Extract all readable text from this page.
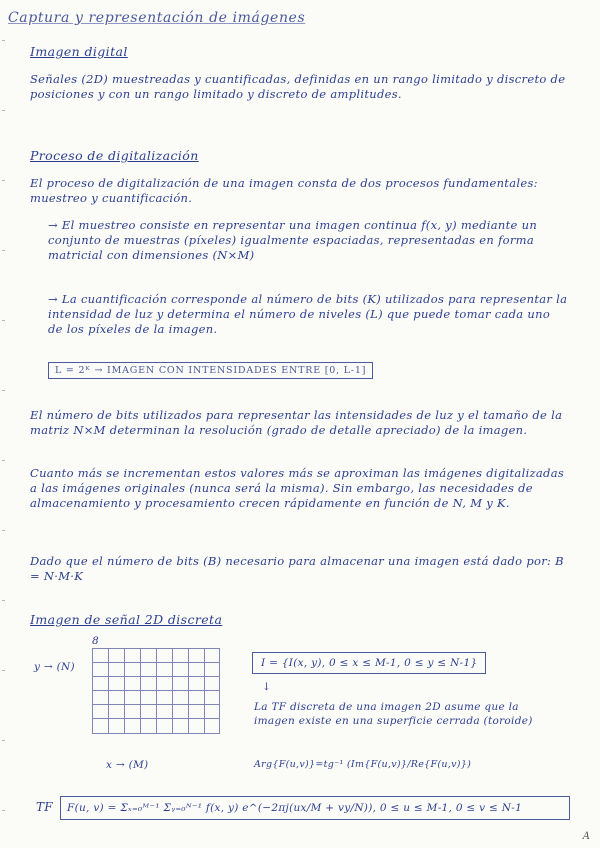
Captura y representación de imágenes
Imagen digital
Señales (2D) muestreadas y cuantificadas, definidas en un rango limitado y discreto de posiciones y con un rango limitado y discreto de amplitudes.
Proceso de digitalización
El proceso de digitalización de una imagen consta de dos procesos fundamentales: muestreo y cuantificación.
→ El muestreo consiste en representar una imagen continua f(x, y) mediante un conjunto de muestras (píxeles) igualmente espaciadas, representadas en forma matricial con dimensiones (N×M)
→ La cuantificación corresponde al número de bits (K) utilizados para representar la intensidad de luz y determina el número de niveles (L) que puede tomar cada uno de los píxeles de la imagen.
L = 2ᴷ → IMAGEN CON INTENSIDADES ENTRE [0, L-1]
El número de bits utilizados para representar las intensidades de luz y el tamaño de la matriz N×M determinan la resolución (grado de detalle apreciado) de la imagen.
Cuanto más se incrementan estos valores más se aproximan las imágenes digitalizadas a las imágenes originales (nunca será la misma). Sin embargo, las necesidades de almacenamiento y procesamiento crecen rápidamente en función de N, M y K.
Dado que el número de bits (B) necesario para almacenar una imagen está dado por: B = N·M·K
Imagen de señal 2D discreta
8
y → (N)
x → (M)
I = {I(x, y), 0 ≤ x ≤ M-1, 0 ≤ y ≤ N-1}
↓
La TF discreta de una imagen 2D asume que la imagen existe en una superficie cerrada (toroide)
Arg{F(u,v)}=tg⁻¹ (Im{F(u,v)}/Re{F(u,v)})
TF	F(u, v) = Σₓ₌₀ᴹ⁻¹ Σᵧ₌₀ᴺ⁻¹ f(x, y) e^(−2πj(ux/M + vy/N)), 0 ≤ u ≤ M-1, 0 ≤ v ≤ N-1
A
